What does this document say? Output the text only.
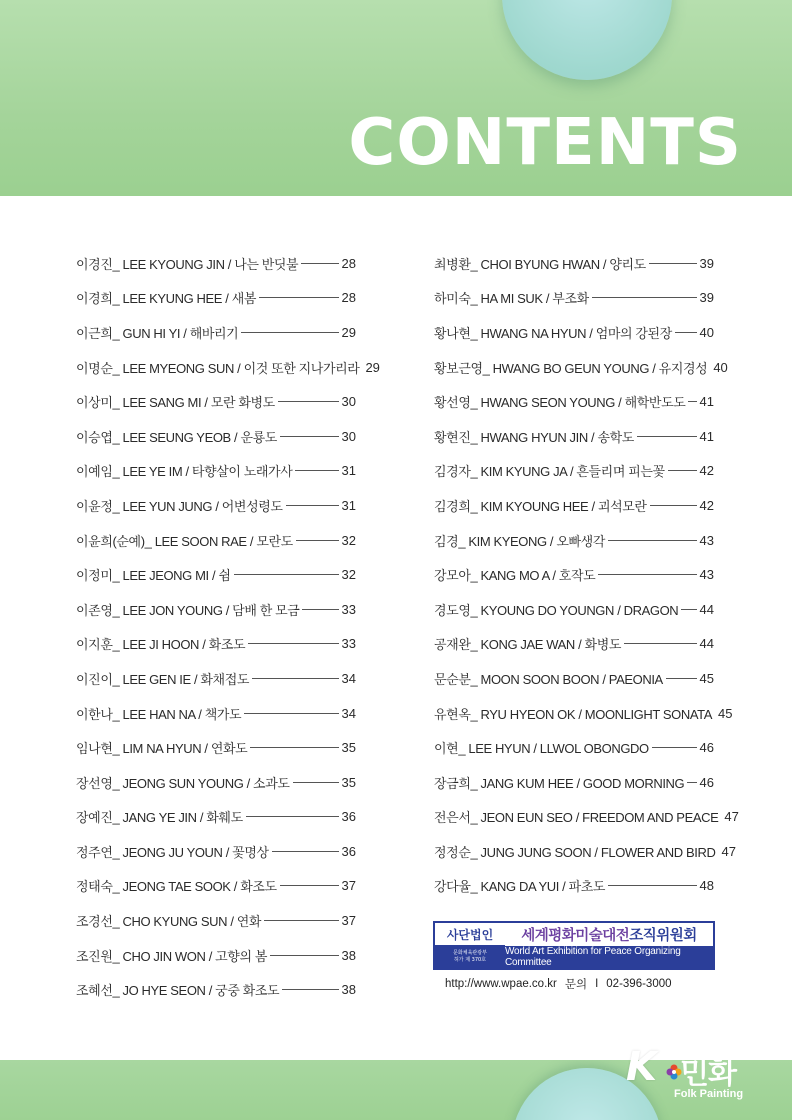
CONTENTS
이경진_ LEE KYOUNG JIN / 나는 반딧불	28
이경희_ LEE KYUNG HEE / 새봄	28
이근희_ GUN HI YI / 해바리기	29
이명순_ LEE MYEONG SUN / 이것 또한 지나가리라 29
이상미_ LEE SANG MI / 모란 화병도	30
이승엽_ LEE SEUNG YEOB / 운룡도	30
이예임_ LEE YE IM / 타향살이 노래가사	31
이윤정_ LEE YUN JUNG / 어변성령도	31
이윤희(순예)_ LEE SOON RAE / 모란도	32
이정미_ LEE JEONG MI / 쉼	32
이존영_ LEE JON YOUNG / 담배 한 모금	33
이지훈_ LEE JI HOON / 화조도	33
이진이_ LEE GEN IE / 화채접도	34
이한나_ LEE HAN NA / 책가도	34
임나현_ LIM NA HYUN / 연화도	35
장선영_ JEONG SUN YOUNG / 소과도	35
장예진_ JANG YE JIN / 화훼도	36
정주연_ JEONG JU YOUN / 꽃명상	36
정태숙_ JEONG TAE SOOK / 화조도	37
조경선_ CHO KYUNG SUN / 연화	37
조진원_ CHO JIN WON / 고향의 봄	38
조혜선_ JO HYE SEON / 궁중 화조도	38
최병환_ CHOI BYUNG HWAN / 양리도	39
하미숙_ HA MI SUK / 부조화	39
황나현_ HWANG NA HYUN / 엄마의 강된장 40
황보근영_ HWANG BO GEUN YOUNG / 유지경성 40
황선영_ HWANG SEON YOUNG / 해학반도도 41
황현진_ HWANG HYUN JIN / 송학도	41
김경자_ KIM KYUNG JA / 흔들리며 피는꽃	42
김경희_ KIM KYOUNG HEE / 괴석모란	42
김경_ KIM KYEONG / 오빠생각	43
강모아_ KANG MO A / 호작도	43
경도영_ KYOUNG DO YOUNGN / DRAGON 44
공재완_ KONG JAE WAN / 화병도	44
문순분_ MOON SOON BOON / PAEONIA	45
유현옥_ RYU HYEON OK / MOONLIGHT SONATA 45
이현_ LEE HYUN / LLWOL OBONGDO	46
장금희_ JANG KUM HEE / GOOD MORNING 46
전은서_ JEON EUN SEO / FREEDOM AND PEACE 47
정정순_ JUNG JUNG SOON / FLOWER AND BIRD 47
강다율_ KANG DA YUI / 파초도	48
사단법인
문화체육관광부
허가 제 370호
세계평화미술대전 조직위원회
World Art Exhibition for Peace Organizing Committee
http://www.wpae.co.kr 문의 I 02-396-3000
K 민화
Folk Painting
